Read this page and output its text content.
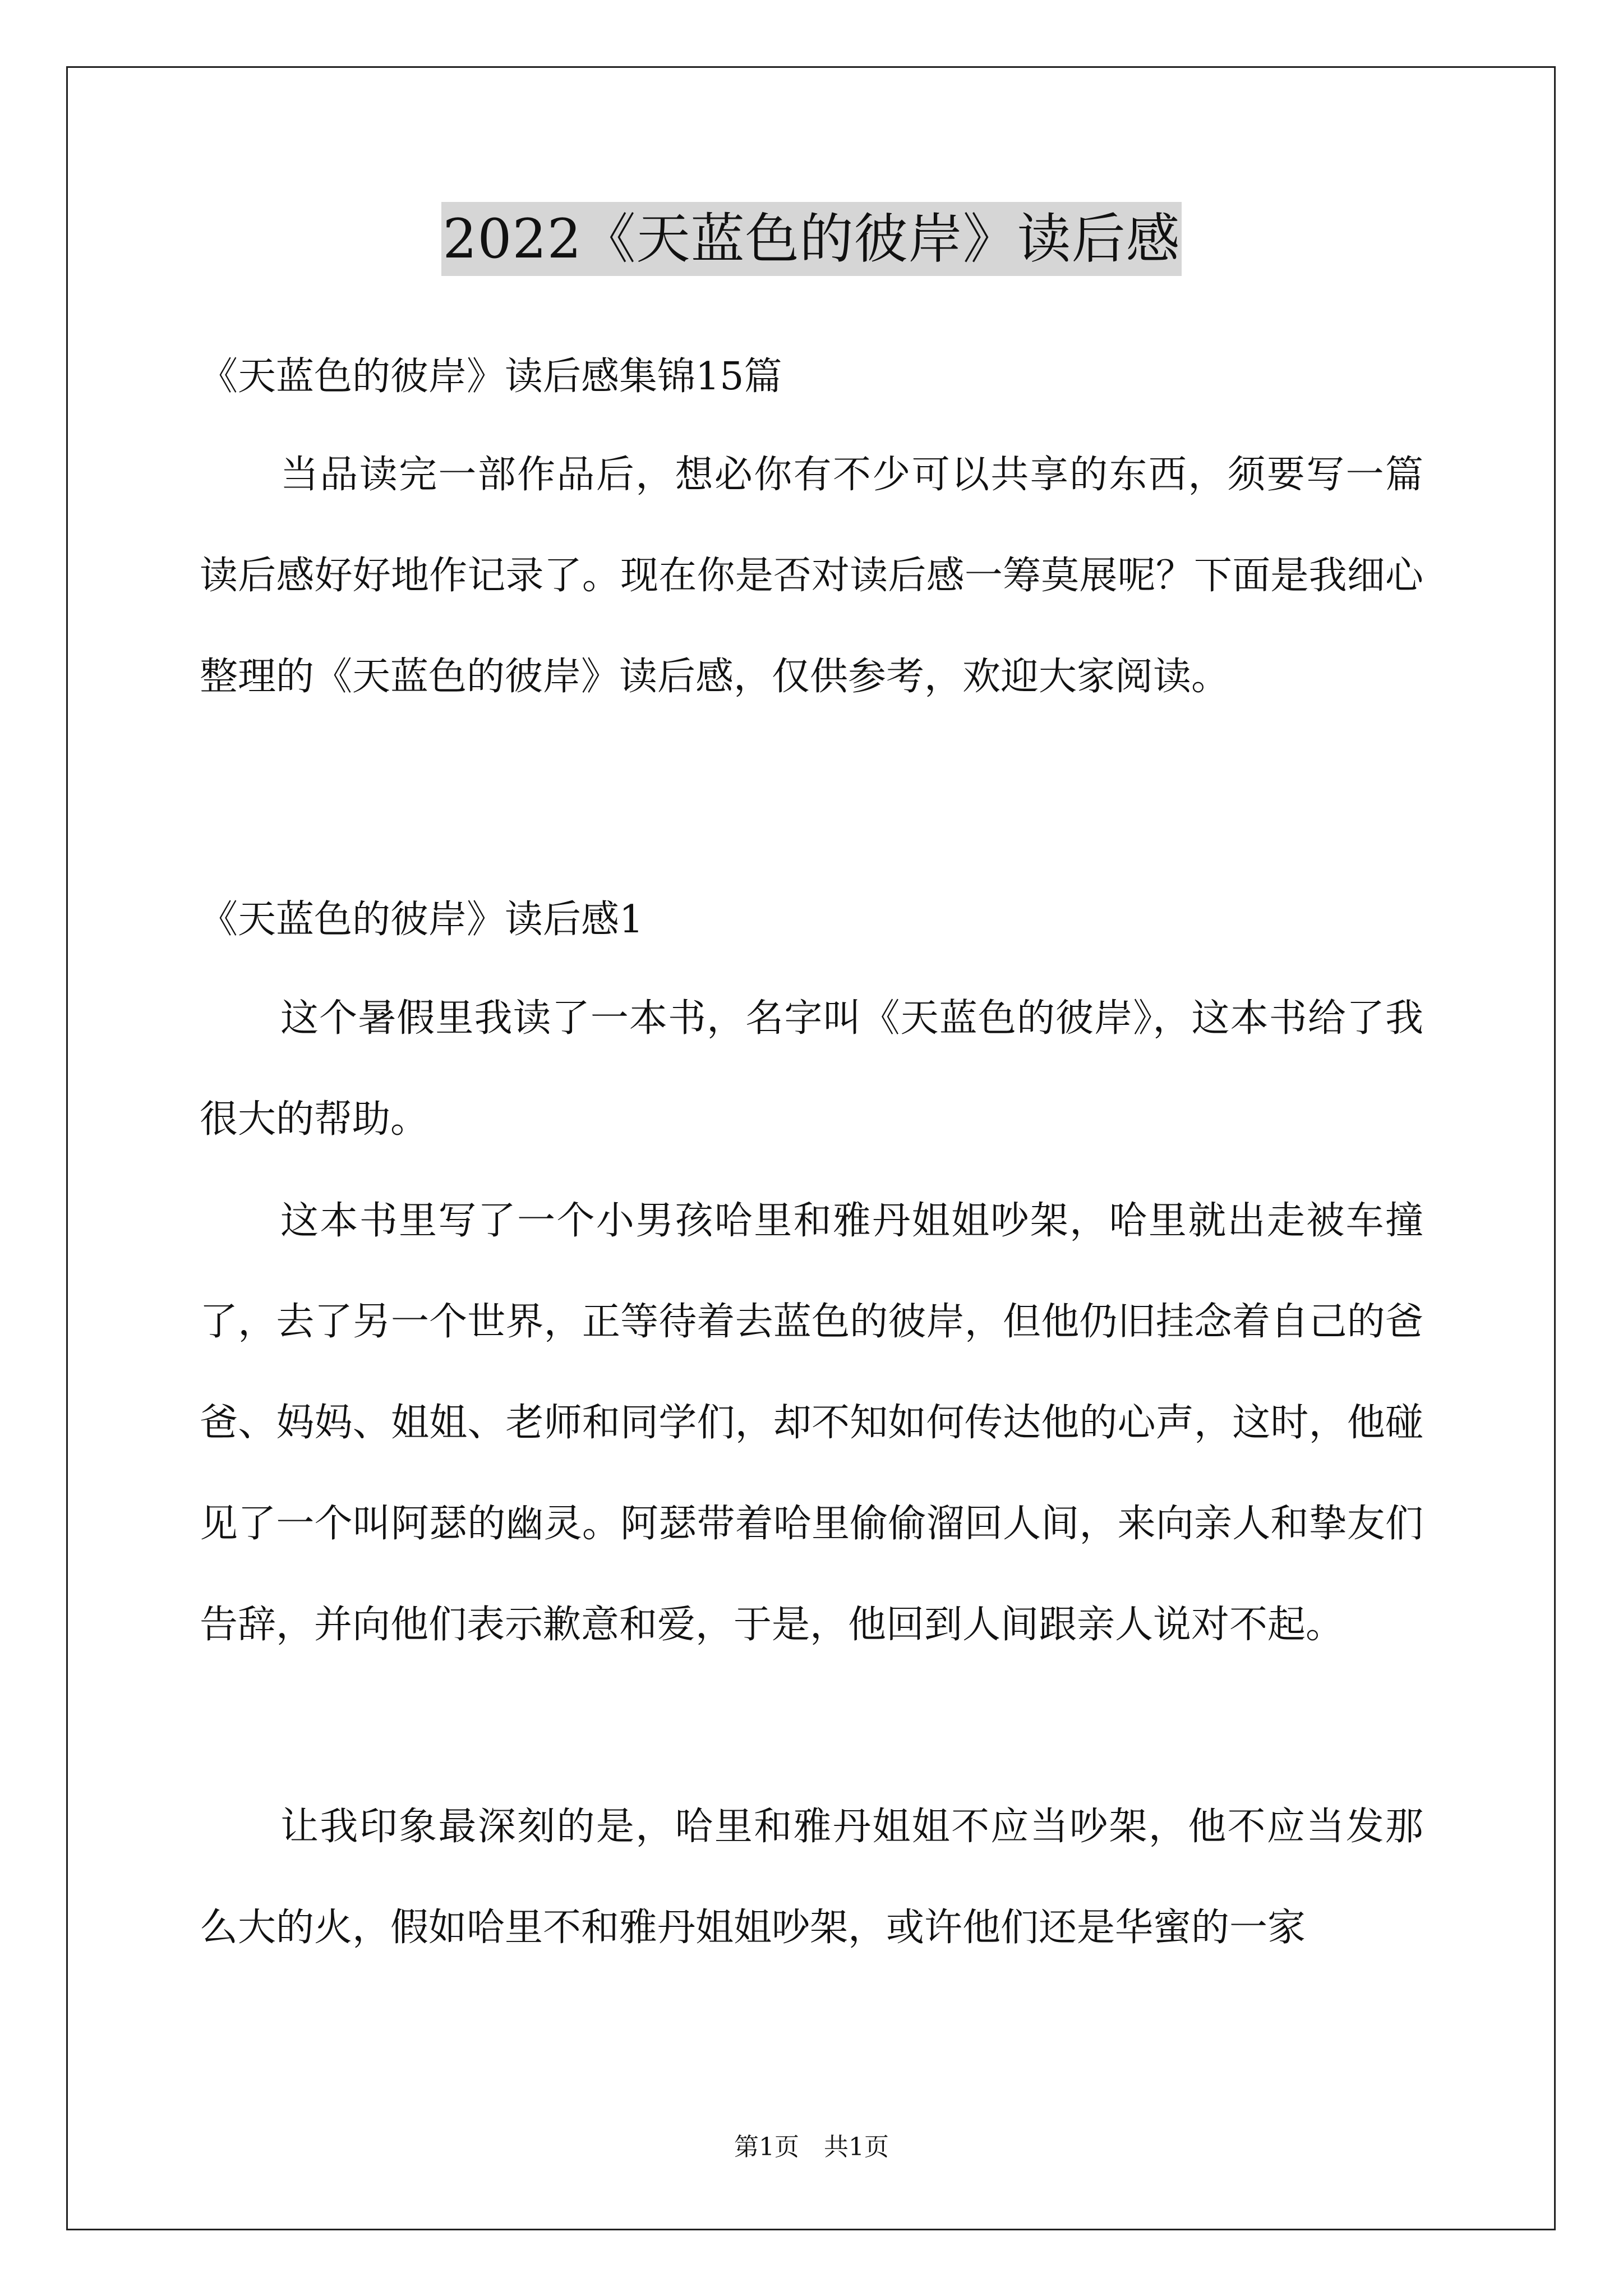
2022《天蓝色的彼岸》读后感

《天蓝色的彼岸》读后感集锦15篇

当品读完一部作品后，想必你有不少可以共享的东西，须要写一篇读后感好好地作记录了。现在你是否对读后感一筹莫展呢？下面是我细心整理的《天蓝色的彼岸》读后感，仅供参考，欢迎大家阅读。

《天蓝色的彼岸》读后感1

这个暑假里我读了一本书，名字叫《天蓝色的彼岸》，这本书给了我很大的帮助。

这本书里写了一个小男孩哈里和雅丹姐姐吵架，哈里就出走被车撞了，去了另一个世界，正等待着去蓝色的彼岸，但他仍旧挂念着自己的爸爸、妈妈、姐姐、老师和同学们，却不知如何传达他的心声，这时，他碰见了一个叫阿瑟的幽灵。阿瑟带着哈里偷偷溜回人间，来向亲人和挚友们告辞，并向他们表示歉意和爱，于是，他回到人间跟亲人说对不起。

让我印象最深刻的是，哈里和雅丹姐姐不应当吵架，他不应当发那么大的火，假如哈里不和雅丹姐姐吵架，或许他们还是华蜜的一家

第1页　共1页
